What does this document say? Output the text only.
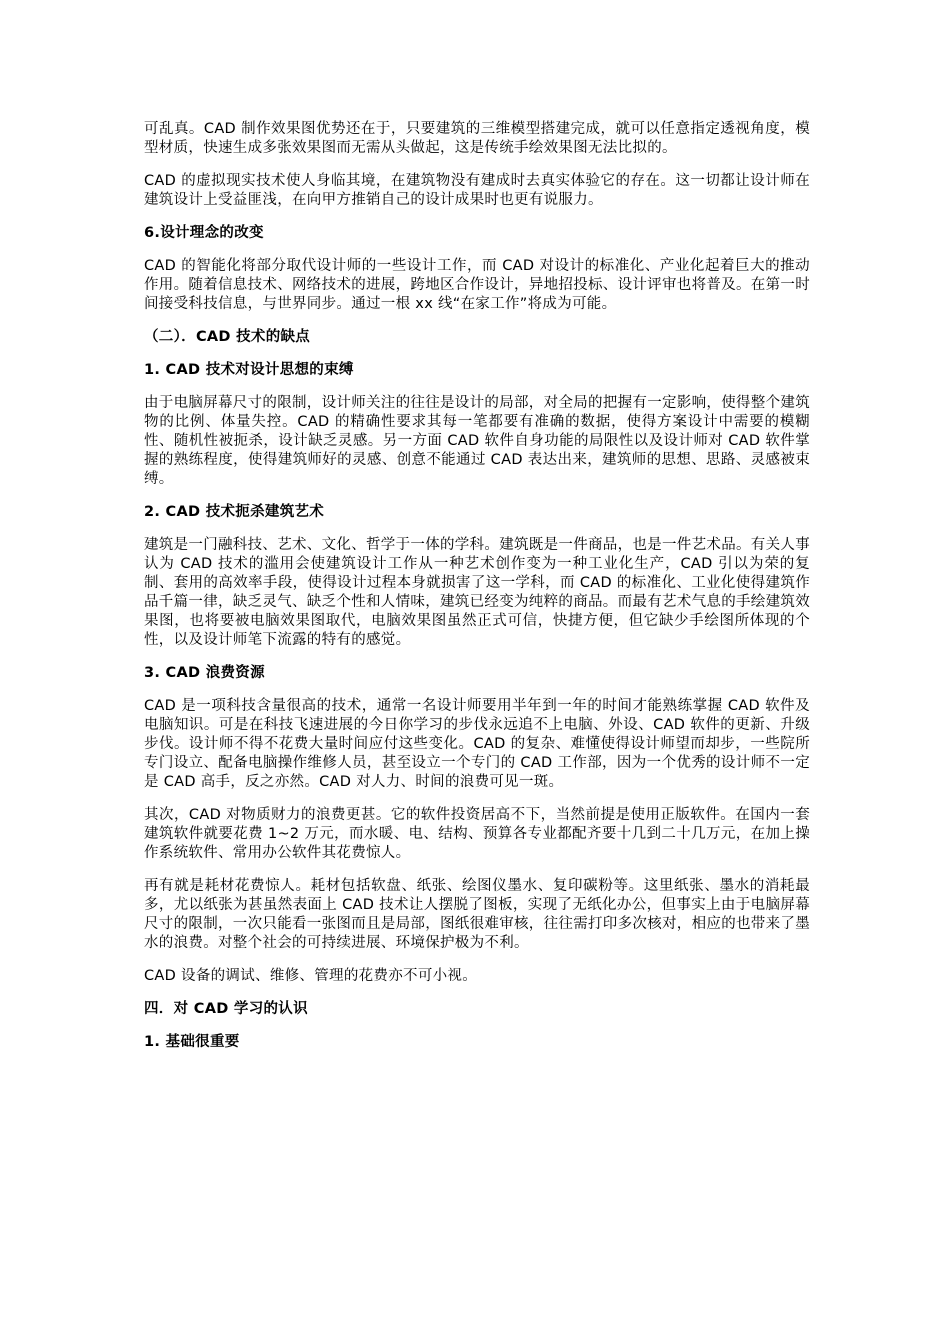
可乱真。CAD 制作效果图优势还在于，只要建筑的三维模型搭建完成，就可以任意指定透视角度，模型材质，快速生成多张效果图而无需从头做起，这是传统手绘效果图无法比拟的。

CAD 的虚拟现实技术使人身临其境，在建筑物没有建成时去真实体验它的存在。这一切都让设计师在建筑设计上受益匪浅，在向甲方推销自己的设计成果时也更有说服力。

6.设计理念的改变

CAD 的智能化将部分取代设计师的一些设计工作，而 CAD 对设计的标准化、产业化起着巨大的推动作用。随着信息技术、网络技术的进展，跨地区合作设计，异地招投标、设计评审也将普及。在第一时间接受科技信息，与世界同步。通过一根 xx 线“在家工作”将成为可能。

（二）．CAD 技术的缺点
1. CAD 技术对设计思想的束缚

由于电脑屏幕尺寸的限制，设计师关注的往往是设计的局部，对全局的把握有一定影响，使得整个建筑物的比例、体量失控。CAD 的精确性要求其每一笔都要有准确的数据，使得方案设计中需要的模糊性、随机性被扼杀，设计缺乏灵感。另一方面 CAD 软件自身功能的局限性以及设计师对 CAD 软件掌握的熟练程度，使得建筑师好的灵感、创意不能通过 CAD 表达出来，建筑师的思想、思路、灵感被束缚。

2. CAD 技术扼杀建筑艺术

建筑是一门融科技、艺术、文化、哲学于一体的学科。建筑既是一件商品，也是一件艺术品。有关人事认为 CAD 技术的滥用会使建筑设计工作从一种艺术创作变为一种工业化生产，CAD 引以为荣的复制、套用的高效率手段，使得设计过程本身就损害了这一学科，而 CAD 的标准化、工业化使得建筑作品千篇一律，缺乏灵气、缺乏个性和人情味，建筑已经变为纯粹的商品。而最有艺术气息的手绘建筑效果图，也将要被电脑效果图取代，电脑效果图虽然正式可信，快捷方便，但它缺少手绘图所体现的个性，以及设计师笔下流露的特有的感觉。

3. CAD 浪费资源

CAD 是一项科技含量很高的技术，通常一名设计师要用半年到一年的时间才能熟练掌握 CAD 软件及电脑知识。可是在科技飞速进展的今日你学习的步伐永远追不上电脑、外设、CAD 软件的更新、升级步伐。设计师不得不花费大量时间应付这些变化。CAD 的复杂、难懂使得设计师望而却步，一些院所专门设立、配备电脑操作维修人员，甚至设立一个专门的 CAD 工作部，因为一个优秀的设计师不一定是 CAD 高手，反之亦然。CAD 对人力、时间的浪费可见一斑。

其次，CAD 对物质财力的浪费更甚。它的软件投资居高不下，当然前提是使用正版软件。在国内一套建筑软件就要花费 1~2 万元，而水暖、电、结构、预算各专业都配齐要十几到二十几万元，在加上操作系统软件、常用办公软件其花费惊人。

再有就是耗材花费惊人。耗材包括软盘、纸张、绘图仪墨水、复印碳粉等。这里纸张、墨水的消耗最多，尤以纸张为甚虽然表面上 CAD 技术让人摆脱了图板，实现了无纸化办公，但事实上由于电脑屏幕尺寸的限制，一次只能看一张图而且是局部，图纸很难审核，往往需打印多次核对，相应的也带来了墨水的浪费。对整个社会的可持续进展、环境保护极为不利。

CAD 设备的调试、维修、管理的花费亦不可小视。

四．对 CAD 学习的认识
1. 基础很重要
